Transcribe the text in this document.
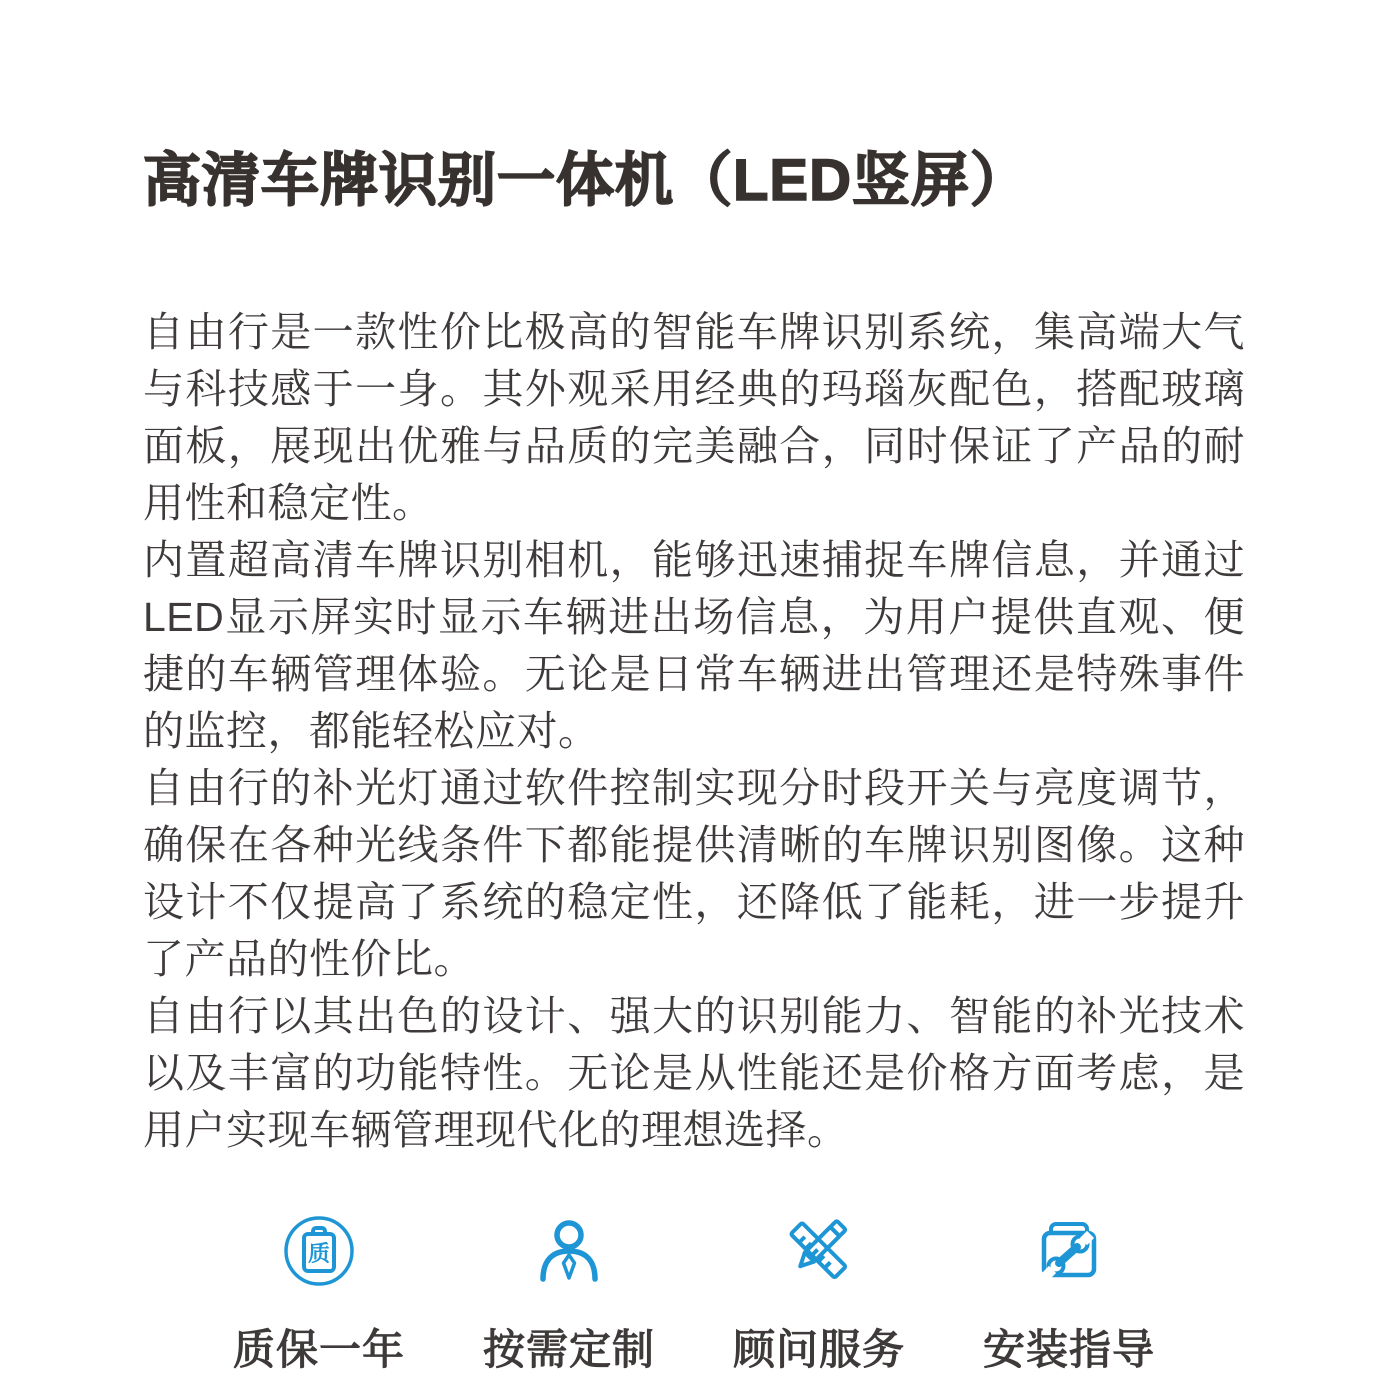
高清车牌识别一体机（LED竖屏）

自由行是一款性价比极高的智能车牌识别系统，集高端大气与科技感于一身。其外观采用经典的玛瑙灰配色，搭配玻璃面板，展现出优雅与品质的完美融合，同时保证了产品的耐用性和稳定性。

内置超高清车牌识别相机，能够迅速捕捉车牌信息，并通过LED显示屏实时显示车辆进出场信息，为用户提供直观、便捷的车辆管理体验。无论是日常车辆进出管理还是特殊事件的监控，都能轻松应对。

自由行的补光灯通过软件控制实现分时段开关与亮度调节，确保在各种光线条件下都能提供清晰的车牌识别图像。这种设计不仅提高了系统的稳定性，还降低了能耗，进一步提升了产品的性价比。

自由行以其出色的设计、强大的识别能力、智能的补光技术以及丰富的功能特性。无论是从性能还是价格方面考虑，是用户实现车辆管理现代化的理想选择。

质
质保一年	按需定制	顾问服务	安装指导
